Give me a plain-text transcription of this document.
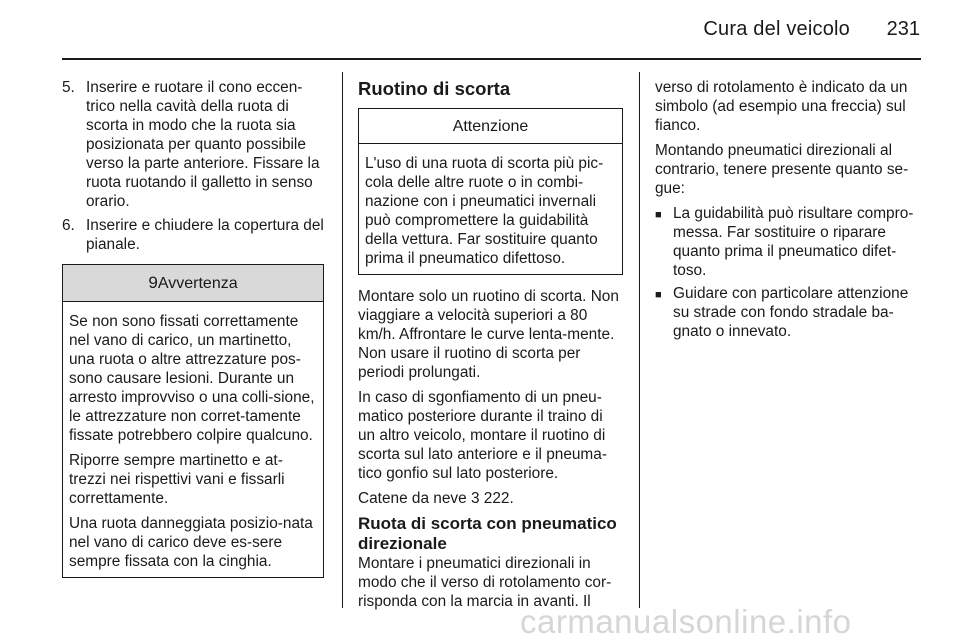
Cura del veicolo	231
5. Inserire e ruotare il cono eccen-trico nella cavità della ruota di scorta in modo che la ruota sia posizionata per quanto possibile verso la parte anteriore. Fissare la ruota ruotando il galletto in senso orario.
6. Inserire e chiudere la copertura del pianale.
9Avvertenza

Se non sono fissati correttamente nel vano di carico, un martinetto, una ruota o altre attrezzature pos-sono causare lesioni. Durante un arresto improvviso o una colli-sione, le attrezzature non corret-tamente fissate potrebbero colpire qualcuno.

Riporre sempre martinetto e at-trezzi nei rispettivi vani e fissarli correttamente.

Una ruota danneggiata posizio-nata nel vano di carico deve es-sere sempre fissata con la cinghia.

Ruotino di scorta
Attenzione

L'uso di una ruota di scorta più pic-cola delle altre ruote o in combi-nazione con i pneumatici invernali può compromettere la guidabilità della vettura. Far sostituire quanto prima il pneumatico difettoso.

Montare solo un ruotino di scorta. Non viaggiare a velocità superiori a 80 km/h. Affrontare le curve lenta-mente. Non usare il ruotino di scorta per periodi prolungati.

In caso di sgonfiamento di un pneu-matico posteriore durante il traino di un altro veicolo, montare il ruotino di scorta sul lato anteriore e il pneuma-tico gonfio sul lato posteriore.

Catene da neve 3 222.

Ruota di scorta con pneumatico direzionale

Montare i pneumatici direzionali in modo che il verso di rotolamento cor-risponda con la marcia in avanti. Il

verso di rotolamento è indicato da un simbolo (ad esempio una freccia) sul fianco.

Montando pneumatici direzionali al contrario, tenere presente quanto se-gue:

■ La guidabilità può risultare compro-messa. Far sostituire o riparare quanto prima il pneumatico difet-toso.
■ Guidare con particolare attenzione su strade con fondo stradale ba-gnato o innevato.
carmanualsonline.info
